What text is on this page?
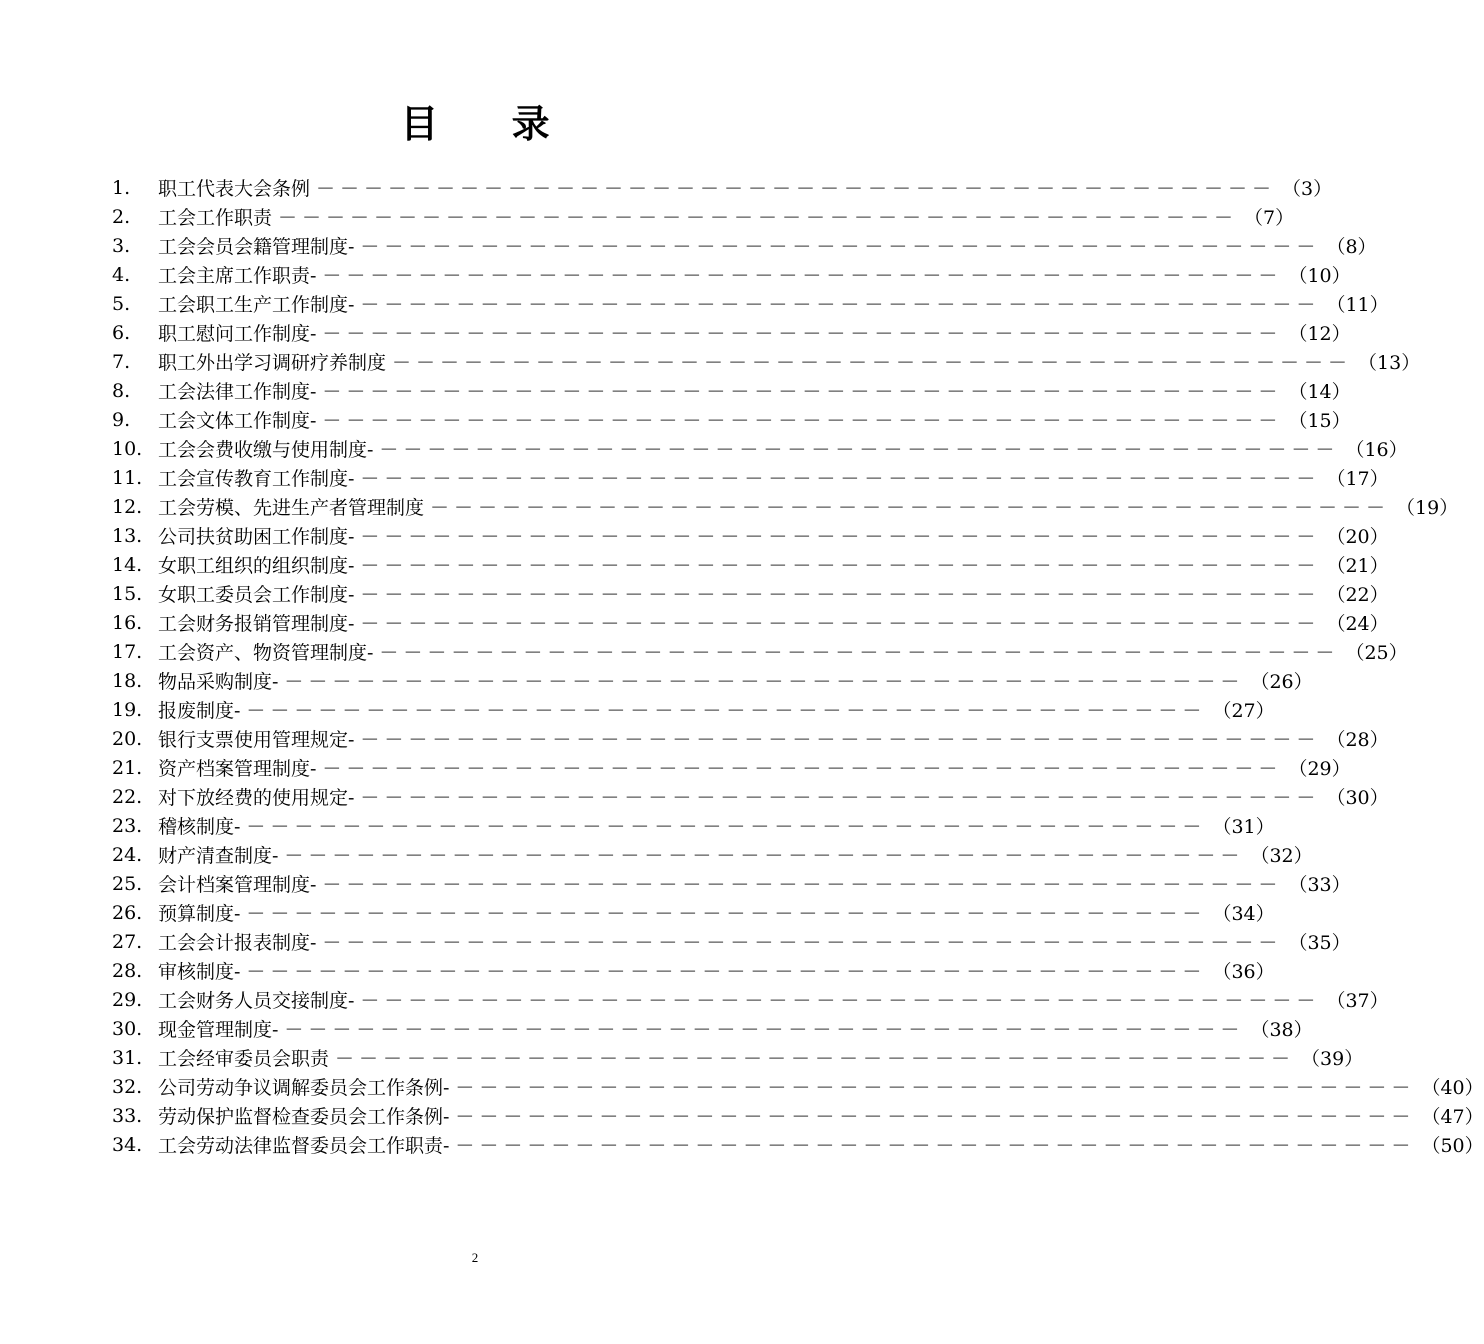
目 录
1.	职工代表大会条例 －－－－－－－－－－－－－－－－－－－－－－－－－－－－－－－－－－－－－－－－ （3）
2.	工会工作职责 －－－－－－－－－－－－－－－－－－－－－－－－－－－－－－－－－－－－－－－－ （7）
3.	工会会员会籍管理制度- －－－－－－－－－－－－－－－－－－－－－－－－－－－－－－－－－－－－－－－－ （8）
4.	工会主席工作职责- －－－－－－－－－－－－－－－－－－－－－－－－－－－－－－－－－－－－－－－－ （10）
5.	工会职工生产工作制度- －－－－－－－－－－－－－－－－－－－－－－－－－－－－－－－－－－－－－－－－ （11）
6.	职工慰问工作制度- －－－－－－－－－－－－－－－－－－－－－－－－－－－－－－－－－－－－－－－－ （12）
7.	职工外出学习调研疗养制度 －－－－－－－－－－－－－－－－－－－－－－－－－－－－－－－－－－－－－－－－ （13）
8.	工会法律工作制度- －－－－－－－－－－－－－－－－－－－－－－－－－－－－－－－－－－－－－－－－ （14）
9.	工会文体工作制度- －－－－－－－－－－－－－－－－－－－－－－－－－－－－－－－－－－－－－－－－ （15）
10. 工会会费收缴与使用制度- －－－－－－－－－－－－－－－－－－－－－－－－－－－－－－－－－－－－－－－－ （16）
11. 工会宣传教育工作制度- －－－－－－－－－－－－－－－－－－－－－－－－－－－－－－－－－－－－－－－－ （17）
12. 工会劳模、先进生产者管理制度 －－－－－－－－－－－－－－－－－－－－－－－－－－－－－－－－－－－－－－－－ （19）
13. 公司扶贫助困工作制度- －－－－－－－－－－－－－－－－－－－－－－－－－－－－－－－－－－－－－－－－ （20）
14. 女职工组织的组织制度- －－－－－－－－－－－－－－－－－－－－－－－－－－－－－－－－－－－－－－－－ （21）
15. 女职工委员会工作制度- －－－－－－－－－－－－－－－－－－－－－－－－－－－－－－－－－－－－－－－－ （22）
16. 工会财务报销管理制度- －－－－－－－－－－－－－－－－－－－－－－－－－－－－－－－－－－－－－－－－ （24）
17. 工会资产、物资管理制度- －－－－－－－－－－－－－－－－－－－－－－－－－－－－－－－－－－－－－－－－ （25）
18. 物品采购制度- －－－－－－－－－－－－－－－－－－－－－－－－－－－－－－－－－－－－－－－－ （26）
19. 报废制度- －－－－－－－－－－－－－－－－－－－－－－－－－－－－－－－－－－－－－－－－ （27）
20. 银行支票使用管理规定- －－－－－－－－－－－－－－－－－－－－－－－－－－－－－－－－－－－－－－－－ （28）
21. 资产档案管理制度- －－－－－－－－－－－－－－－－－－－－－－－－－－－－－－－－－－－－－－－－ （29）
22. 对下放经费的使用规定- －－－－－－－－－－－－－－－－－－－－－－－－－－－－－－－－－－－－－－－－ （30）
23. 稽核制度- －－－－－－－－－－－－－－－－－－－－－－－－－－－－－－－－－－－－－－－－ （31）
24. 财产清查制度- －－－－－－－－－－－－－－－－－－－－－－－－－－－－－－－－－－－－－－－－ （32）
25. 会计档案管理制度- －－－－－－－－－－－－－－－－－－－－－－－－－－－－－－－－－－－－－－－－ （33）
26. 预算制度- －－－－－－－－－－－－－－－－－－－－－－－－－－－－－－－－－－－－－－－－ （34）
27. 工会会计报表制度- －－－－－－－－－－－－－－－－－－－－－－－－－－－－－－－－－－－－－－－－ （35）
28. 审核制度- －－－－－－－－－－－－－－－－－－－－－－－－－－－－－－－－－－－－－－－－ （36）
29. 工会财务人员交接制度- －－－－－－－－－－－－－－－－－－－－－－－－－－－－－－－－－－－－－－－－ （37）
30. 现金管理制度- －－－－－－－－－－－－－－－－－－－－－－－－－－－－－－－－－－－－－－－－ （38）
31. 工会经审委员会职责 －－－－－－－－－－－－－－－－－－－－－－－－－－－－－－－－－－－－－－－－ （39）
32. 公司劳动争议调解委员会工作条例- －－－－－－－－－－－－－－－－－－－－－－－－－－－－－－－－－－－－－－－－ （40）
33. 劳动保护监督检查委员会工作条例- －－－－－－－－－－－－－－－－－－－－－－－－－－－－－－－－－－－－－－－－ （47）
34. 工会劳动法律监督委员会工作职责- －－－－－－－－－－－－－－－－－－－－－－－－－－－－－－－－－－－－－－－－ （50）
2
